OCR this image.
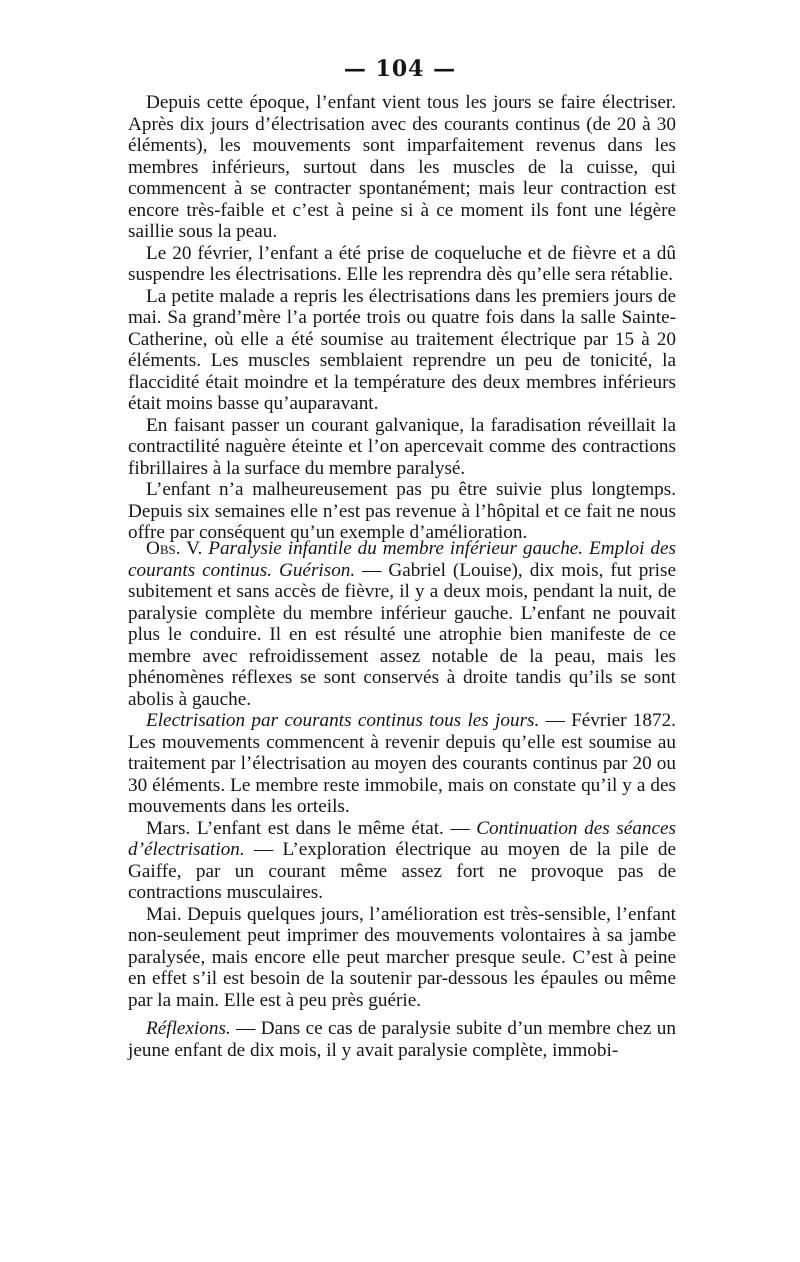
— 104 —

Depuis cette époque, l’enfant vient tous les jours se faire électriser. Après dix jours d’électrisation avec des courants continus (de 20 à 30 éléments), les mouvements sont imparfaitement revenus dans les membres inférieurs, surtout dans les muscles de la cuisse, qui commencent à se contracter spontanément; mais leur contraction est encore très-faible et c’est à peine si à ce moment ils font une légère saillie sous la peau.

Le 20 février, l’enfant a été prise de coqueluche et de fièvre et a dû suspendre les électrisations. Elle les reprendra dès qu’elle sera rétablie.

La petite malade a repris les électrisations dans les premiers jours de mai. Sa grand’mère l’a portée trois ou quatre fois dans la salle Sainte-Catherine, où elle a été soumise au traitement électrique par 15 à 20 éléments. Les muscles semblaient reprendre un peu de tonicité, la flaccidité était moindre et la température des deux membres inférieurs était moins basse qu’auparavant.

En faisant passer un courant galvanique, la faradisation réveillait la contractilité naguère éteinte et l’on apercevait comme des contractions fibrillaires à la surface du membre paralysé.

L’enfant n’a malheureusement pas pu être suivie plus longtemps. Depuis six semaines elle n’est pas revenue à l’hôpital et ce fait ne nous offre par conséquent qu’un exemple d’amélioration.

Obs. V. Paralysie infantile du membre inférieur gauche. Emploi des courants continus. Guérison. — Gabriel (Louise), dix mois, fut prise subitement et sans accès de fièvre, il y a deux mois, pendant la nuit, de paralysie complète du membre inférieur gauche. L’enfant ne pouvait plus le conduire. Il en est résulté une atrophie bien manifeste de ce membre avec refroidissement assez notable de la peau, mais les phénomènes réflexes se sont conservés à droite tandis qu’ils se sont abolis à gauche.

Electrisation par courants continus tous les jours. — Février 1872. Les mouvements commencent à revenir depuis qu’elle est soumise au traitement par l’électrisation au moyen des courants continus par 20 ou 30 éléments. Le membre reste immobile, mais on constate qu’il y a des mouvements dans les orteils.

Mars. L’enfant est dans le même état. — Continuation des séances d’électrisation. — L’exploration électrique au moyen de la pile de Gaiffe, par un courant même assez fort ne provoque pas de contractions musculaires.

Mai. Depuis quelques jours, l’amélioration est très-sensible, l’enfant non-seulement peut imprimer des mouvements volontaires à sa jambe paralysée, mais encore elle peut marcher presque seule. C’est à peine en effet s’il est besoin de la soutenir par-dessous les épaules ou même par la main. Elle est à peu près guérie.

Réflexions. — Dans ce cas de paralysie subite d’un membre chez un jeune enfant de dix mois, il y avait paralysie complète, immobi-
